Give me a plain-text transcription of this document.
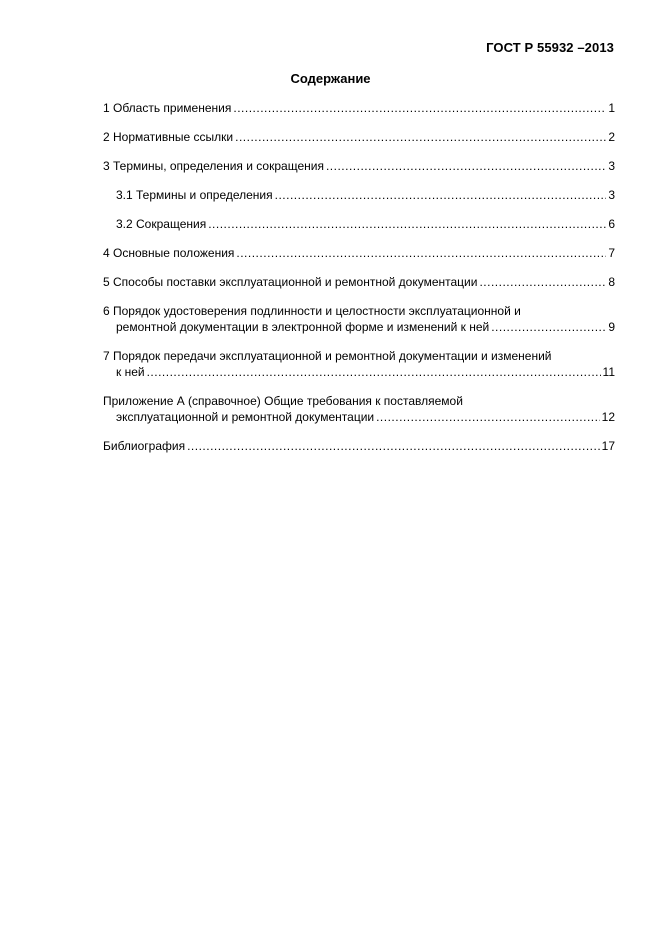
ГОСТ Р 55932 –2013
Содержание
1 Область применения .....	1
2 Нормативные ссылки .....	2
3 Термины, определения и сокращения .....	3
3.1 Термины и определения .....	3
3.2 Сокращения .....	6
4 Основные положения .....	7
5 Способы поставки эксплуатационной и ремонтной документации .....	8
6 Порядок удостоверения подлинности и целостности эксплуатационной и
ремонтной документации в электронной форме и изменений к ней .....	9
7 Порядок передачи эксплуатационной и ремонтной документации и изменений
к ней .....	11
Приложение А (справочное) Общие требования к поставляемой
эксплуатационной и ремонтной документации .....	12
Библиография .....	17
